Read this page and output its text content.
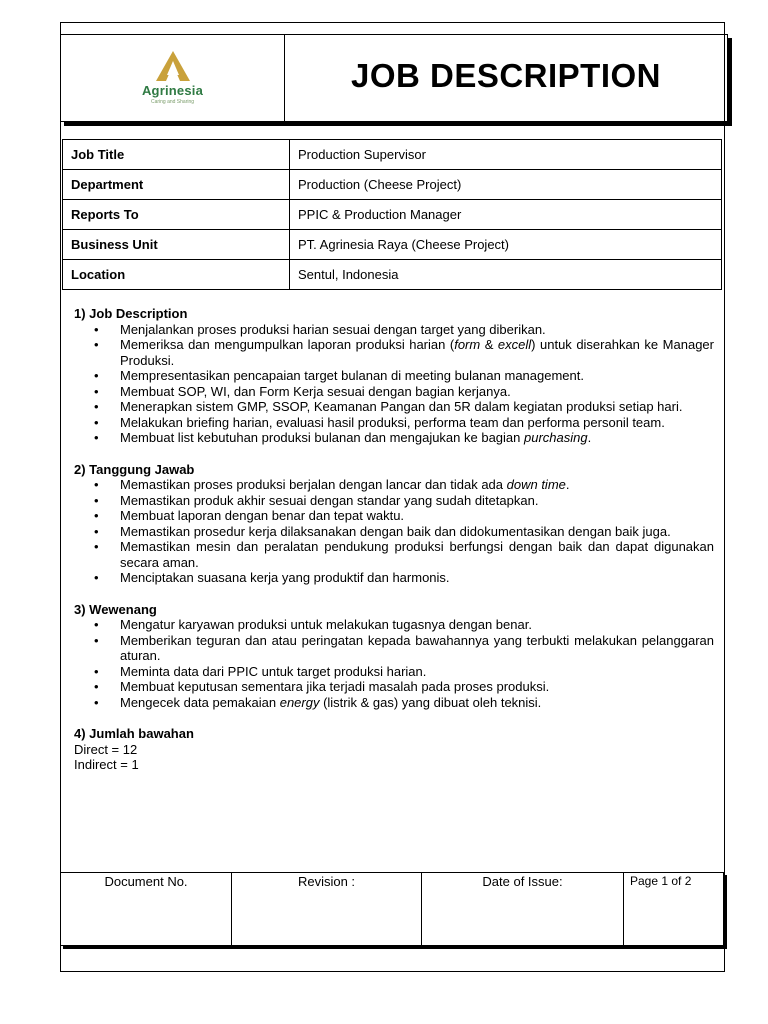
Agrinesia
Caring and Sharing
JOB DESCRIPTION
Job Title	Production Supervisor
Department	Production (Cheese Project)
Reports To	PPIC & Production Manager
Business Unit	PT. Agrinesia Raya (Cheese Project)
Location	Sentul, Indonesia
1) Job Description
• Menjalankan proses produksi harian sesuai dengan target yang diberikan.
• Memeriksa dan mengumpulkan laporan produksi harian (form & excell) untuk diserahkan ke Manager Produksi.
• Mempresentasikan pencapaian target bulanan di meeting bulanan management.
• Membuat SOP, WI, dan Form Kerja sesuai dengan bagian kerjanya.
• Menerapkan sistem GMP, SSOP, Keamanan Pangan dan 5R dalam kegiatan produksi setiap hari.
• Melakukan briefing harian, evaluasi hasil produksi, performa team dan performa personil team.
• Membuat list kebutuhan produksi bulanan dan mengajukan ke bagian purchasing.
2) Tanggung Jawab
• Memastikan proses produksi berjalan dengan lancar dan tidak ada down time.
• Memastikan produk akhir sesuai dengan standar yang sudah ditetapkan.
• Membuat laporan dengan benar dan tepat waktu.
• Memastikan prosedur kerja dilaksanakan dengan baik dan didokumentasikan dengan baik juga.
• Memastikan mesin dan peralatan pendukung produksi berfungsi dengan baik dan dapat digunakan secara aman.
• Menciptakan suasana kerja yang produktif dan harmonis.
3) Wewenang
• Mengatur karyawan produksi untuk melakukan tugasnya dengan benar.
• Memberikan teguran dan atau peringatan kepada bawahannya yang terbukti melakukan pelanggaran aturan.
• Meminta data dari PPIC untuk target produksi harian.
• Membuat keputusan sementara jika terjadi masalah pada proses produksi.
• Mengecek data pemakaian energy (listrik & gas) yang dibuat oleh teknisi.
4) Jumlah bawahan

Direct = 12

Indirect = 1

Document No.	Revision :	Date of Issue:	Page 1 of 2
